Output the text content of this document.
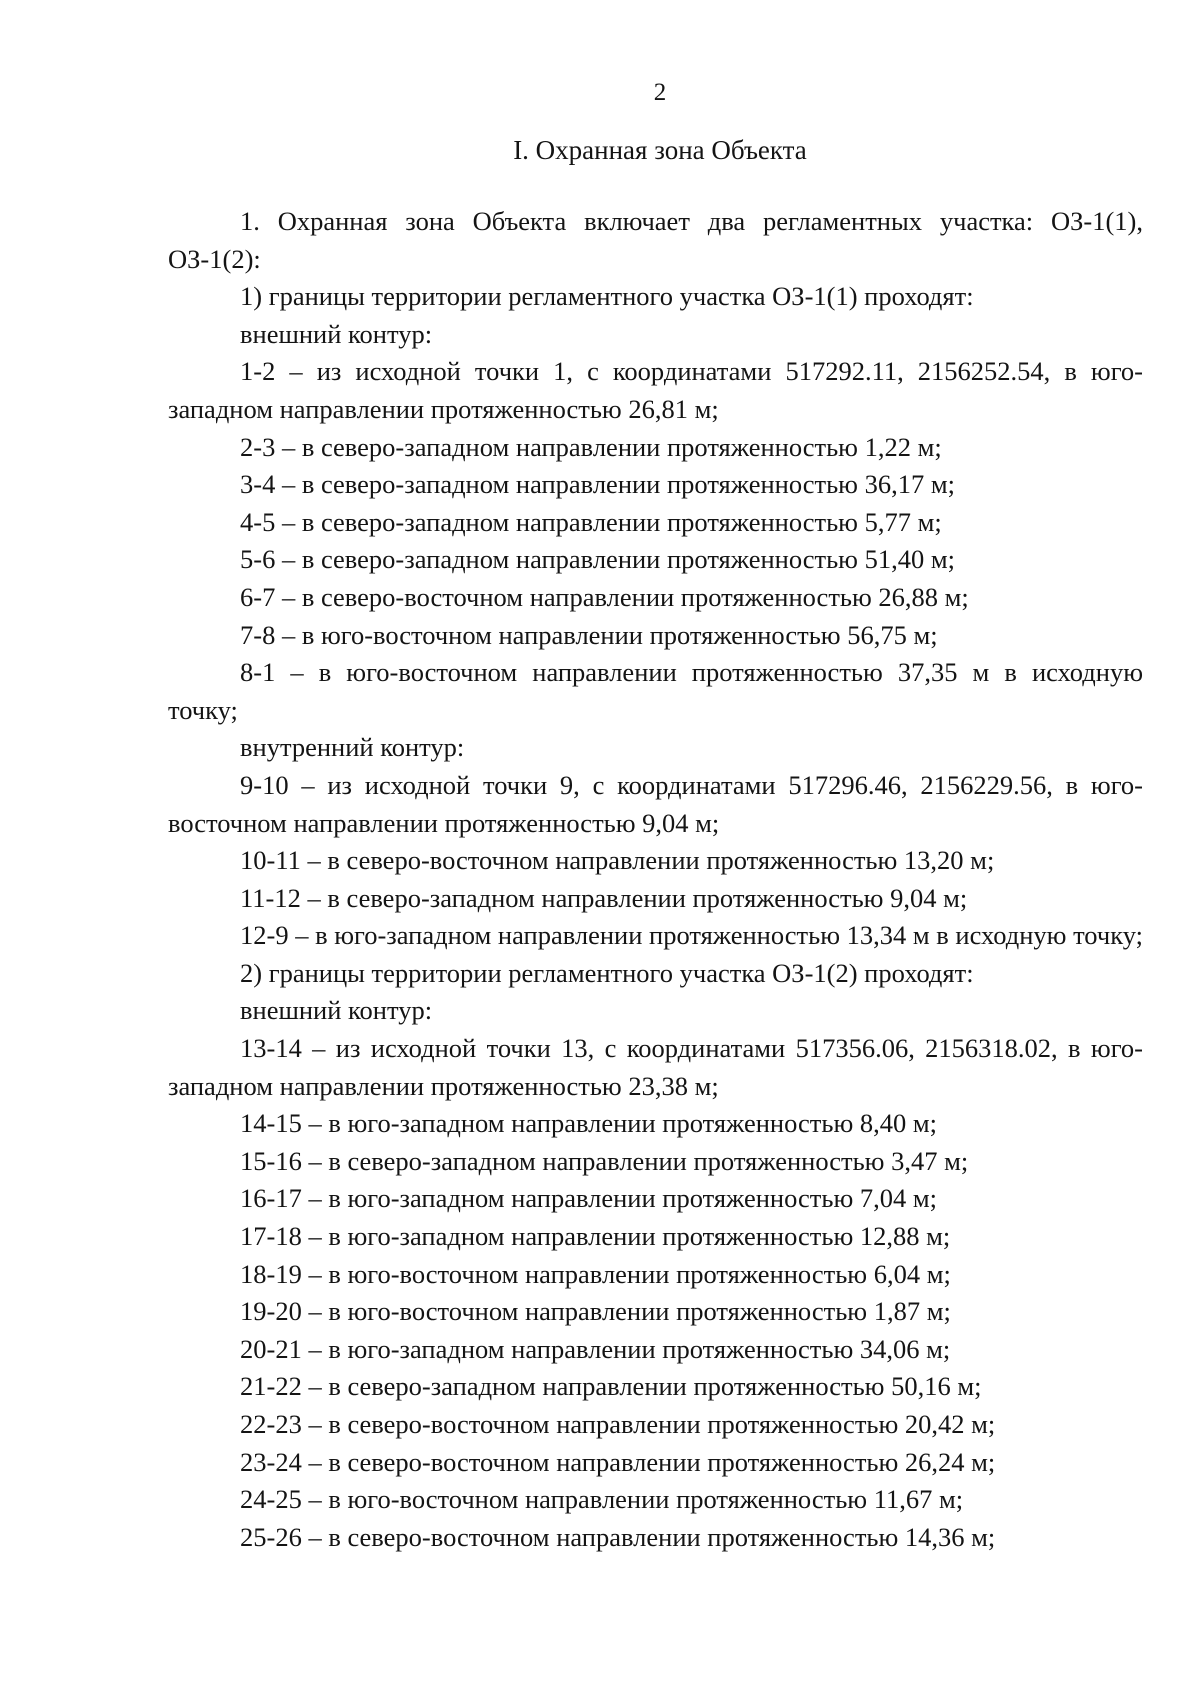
2
I. Охранная зона Объекта

1. Охранная зона Объекта включает два регламентных участка: ОЗ-1(1), ОЗ-1(2):

1) границы территории регламентного участка ОЗ-1(1) проходят:

внешний контур:

1-2 – из исходной точки 1, с координатами 517292.11, 2156252.54, в юго-западном направлении протяженностью 26,81 м;

2-3 – в северо-западном направлении протяженностью 1,22 м;

3-4 – в северо-западном направлении протяженностью 36,17 м;

4-5 – в северо-западном направлении протяженностью 5,77 м;

5-6 – в северо-западном направлении протяженностью 51,40 м;

6-7 – в северо-восточном направлении протяженностью 26,88 м;

7-8 – в юго-восточном направлении протяженностью 56,75 м;

8-1 – в юго-восточном направлении протяженностью 37,35 м в исходную точку;

внутренний контур:

9-10 – из исходной точки 9, с координатами 517296.46, 2156229.56, в юго-восточном направлении протяженностью 9,04 м;

10-11 – в северо-восточном направлении протяженностью 13,20 м;

11-12 – в северо-западном направлении протяженностью 9,04 м;

12-9 – в юго-западном направлении протяженностью 13,34 м в исходную точку;

2) границы территории регламентного участка ОЗ-1(2) проходят:

внешний контур:

13-14 – из исходной точки 13, с координатами 517356.06, 2156318.02, в юго-западном направлении протяженностью 23,38 м;

14-15 – в юго-западном направлении протяженностью 8,40 м;

15-16 – в северо-западном направлении протяженностью 3,47 м;

16-17 – в юго-западном направлении протяженностью 7,04 м;

17-18 – в юго-западном направлении протяженностью 12,88 м;

18-19 – в юго-восточном направлении протяженностью 6,04 м;

19-20 – в юго-восточном направлении протяженностью 1,87 м;

20-21 – в юго-западном направлении протяженностью 34,06 м;

21-22 – в северо-западном направлении протяженностью 50,16 м;

22-23 – в северо-восточном направлении протяженностью 20,42 м;

23-24 – в северо-восточном направлении протяженностью 26,24 м;

24-25 – в юго-восточном направлении протяженностью 11,67 м;

25-26 – в северо-восточном направлении протяженностью 14,36 м;
